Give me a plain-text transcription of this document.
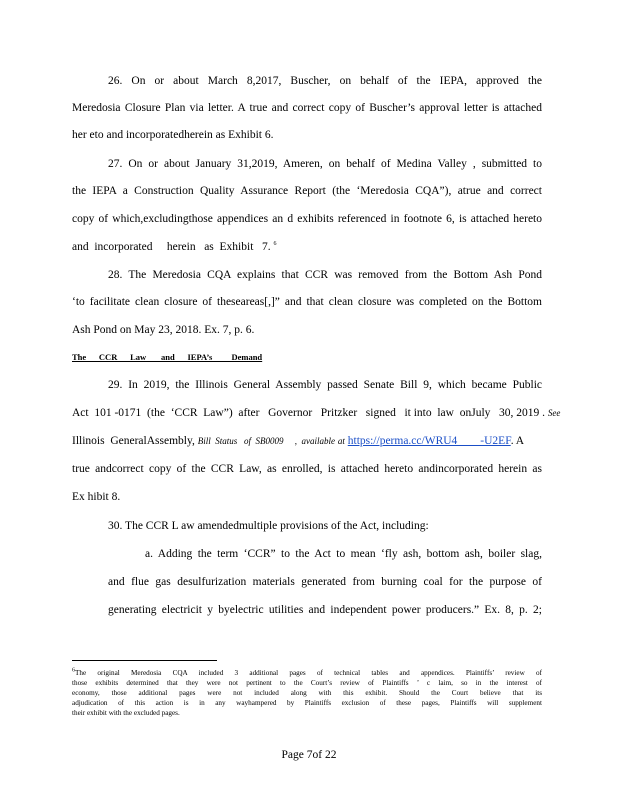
26. On or about March 8,2017, Buscher, on behalf of the IEPA, approved the
Meredosia Closure Plan via letter. A true and correct copy of Buscher’s approval letter is attached
her eto and incorporatedherein as Exhibit 6.
27. On or about January 31,2019, Ameren, on behalf of Medina Valley , submitted to
the IEPA a Construction Quality Assurance Report (the ‘Meredosia CQA”), atrue and correct
copy of which,excludingthose appendices an d exhibits referenced in footnote 6, is attached hereto
and  incorporated     herein   as  Exhibit   7. $^6$
28. The Meredosia CQA explains that CCR was removed from the Bottom Ash Pond
‘to facilitate clean closure of theseareas[,]” and that clean closure was completed on the Bottom
Ash Pond on May 23, 2018. Ex. 7, p. 6.
The      CCR      Law       and      IEPA’s         Demand
29. In 2019, the Illinois General Assembly passed Senate Bill 9, which became Public
Act  101 -0171  (the  ‘CCR  Law”)  after   Governor   Pritzker   signed   it into  law  onJuly   30, 2019 . See
Illinois  GeneralAssembly, Bill  Status   of  SB0009     ,  available at https://perma.cc/WRU4        -U2EF. A
true andcorrect copy of the CCR Law, as enrolled, is attached hereto andincorporated herein as
Ex hibit 8.
30. The CCR L aw amendedmultiple provisions of the Act, including:
a. Adding the term ‘CCR” to the Act to mean ‘fly ash, bottom ash, boiler slag,
and flue gas desulfurization materials generated from burning coal for the purpose of
generating electricit y byelectric utilities and independent power producers.” Ex. 8, p. 2;
$^6$The original Meredosia CQA included 3 additional pages of technical tables and appendices. Plaintiffs’ review of
those exhibits determined that they were not pertinent to the Court’s review of Plaintiffs ’ c laim, so in the interest of
economy, those additional pages were not included along with this exhibit. Should the Court believe that its
adjudication of this action is in any wayhampered by Plaintiffs exclusion of these pages, Plaintiffs will supplement
their exhibit with the excluded pages.
Page 7of 22
